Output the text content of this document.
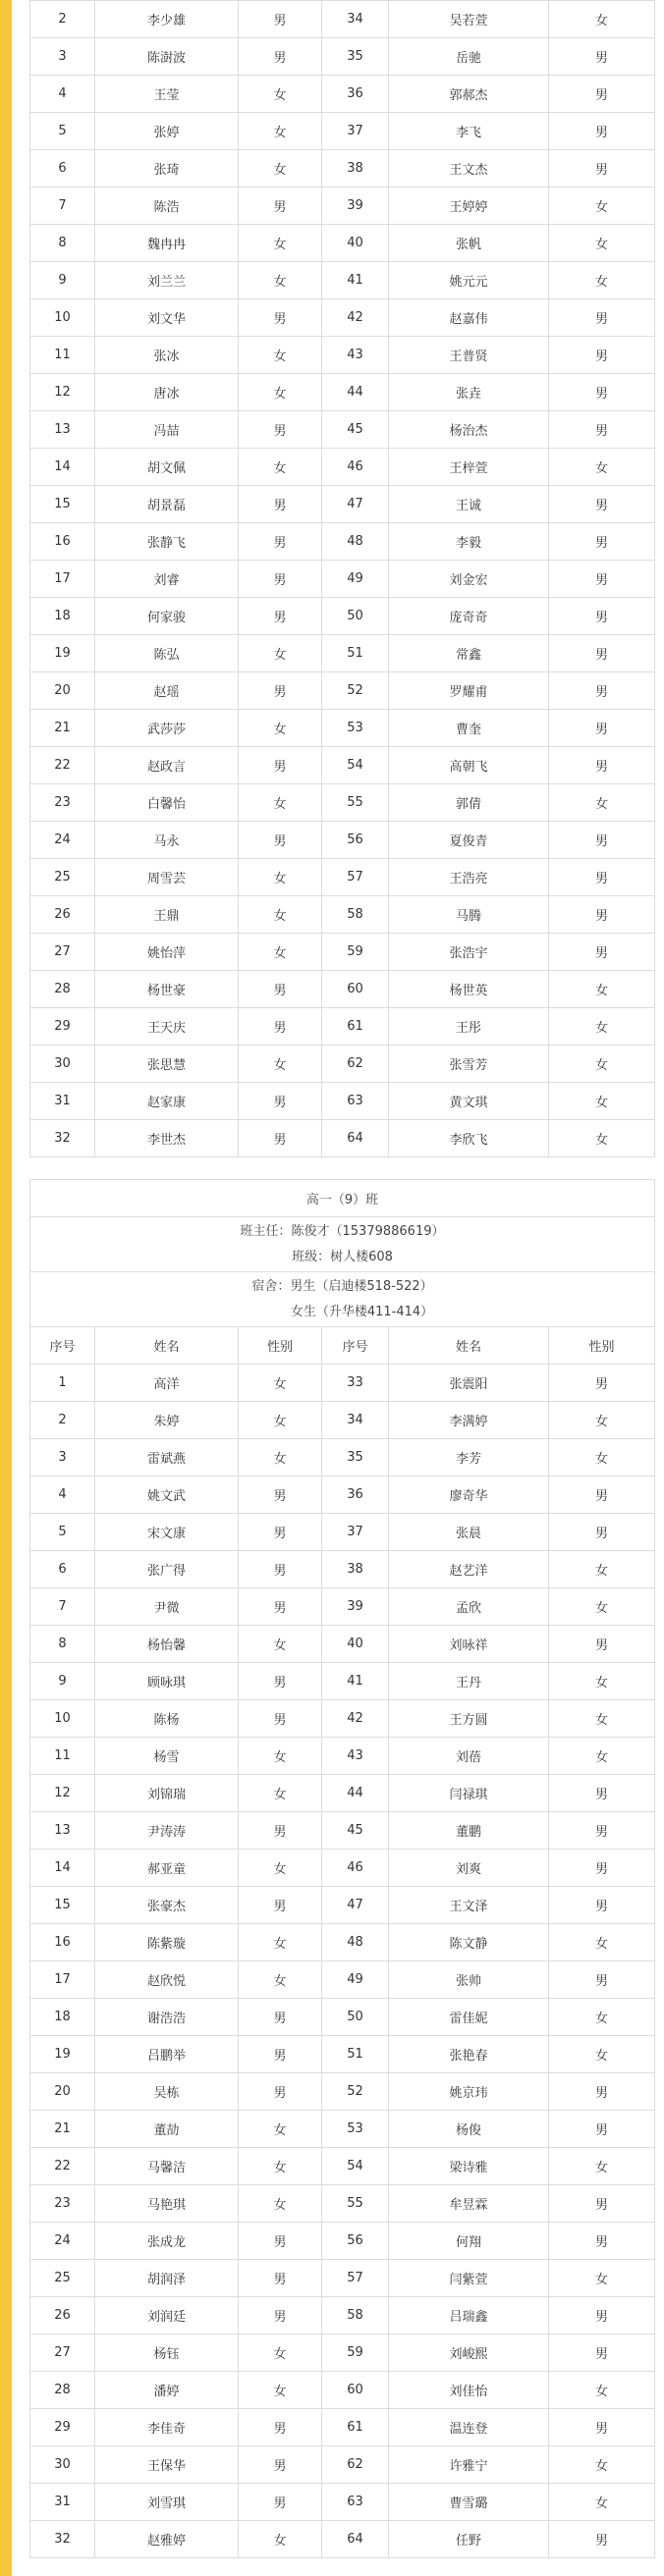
2	李少雄	男	34	吴若萱	女
3	陈澍波	男	35	岳驰	男
4	王莹	女	36	郭郝杰	男
5	张婷	女	37	李飞	男
6	张琦	女	38	王文杰	男
7	陈浩	男	39	王婷婷	女
8	魏冉冉	女	40	张帆	女
9	刘兰兰	女	41	姚元元	女
10	刘文华	男	42	赵嘉伟	男
11	张冰	女	43	王普贤	男
12	唐冰	女	44	张垚	男
13	冯喆	男	45	杨治杰	男
14	胡文佩	女	46	王梓萱	女
15	胡景磊	男	47	王诚	男
16	张静飞	男	48	李毅	男
17	刘睿	男	49	刘金宏	男
18	何家骏	男	50	庞奇奇	男
19	陈弘	女	51	常鑫	男
20	赵瑶	男	52	罗耀甫	男
21	武莎莎	女	53	曹奎	男
22	赵政言	男	54	高朝飞	男
23	白馨怡	女	55	郭倩	女
24	马永	男	56	夏俊青	男
25	周雪芸	女	57	王浩亮	男
26	王鼎	女	58	马腾	男
27	姚怡萍	女	59	张浩宇	男
28	杨世豪	男	60	杨世英	女
29	王天庆	男	61	王彤	女
30	张思慧	女	62	张雪芳	女
31	赵家康	男	63	黄文琪	女
32	李世杰	男	64	李欣飞	女
高一（9）班					

班主任：陈俊才（15379886619）
班级：树人楼608					

宿舍：男生（启迪楼518-522）
女生（升华楼411-414）					

序号	姓名	性别	序号	姓名	性别
1	高洋	女	33	张震阳	男
2	朱婷	女	34	李满婷	女
3	雷斌燕	女	35	李芳	女
4	姚文武	男	36	廖奇华	男
5	宋文康	男	37	张晨	男
6	张广得	男	38	赵艺洋	女
7	尹微	男	39	孟欣	女
8	杨怡馨	女	40	刘咏祥	男
9	顾咏琪	男	41	王丹	女
10	陈杨	男	42	王方圆	女
11	杨雪	女	43	刘蓓	女
12	刘锦瑞	女	44	闫禄琪	男
13	尹涛涛	男	45	董鹏	男
14	郝亚童	女	46	刘爽	男
15	张豪杰	男	47	王文泽	男
16	陈紫璇	女	48	陈文静	女
17	赵欣悦	女	49	张帅	男
18	谢浩浩	男	50	雷佳妮	女
19	吕鹏举	男	51	张艳春	女
20	吴栋	男	52	姚京玮	男
21	董劼	女	53	杨俊	男
22	马馨洁	女	54	梁诗雅	女
23	马艳琪	女	55	牟昱霖	男
24	张成龙	男	56	何翔	男
25	胡润泽	男	57	闫紫萱	女
26	刘润廷	男	58	吕瑞鑫	男
27	杨钰	女	59	刘峻熙	男
28	潘婷	女	60	刘佳怡	女
29	李佳奇	男	61	温连登	男
30	王保华	男	62	许雅宁	女
31	刘雪琪	男	63	曹雪璐	女
32	赵雅婷	女	64	任野	男
